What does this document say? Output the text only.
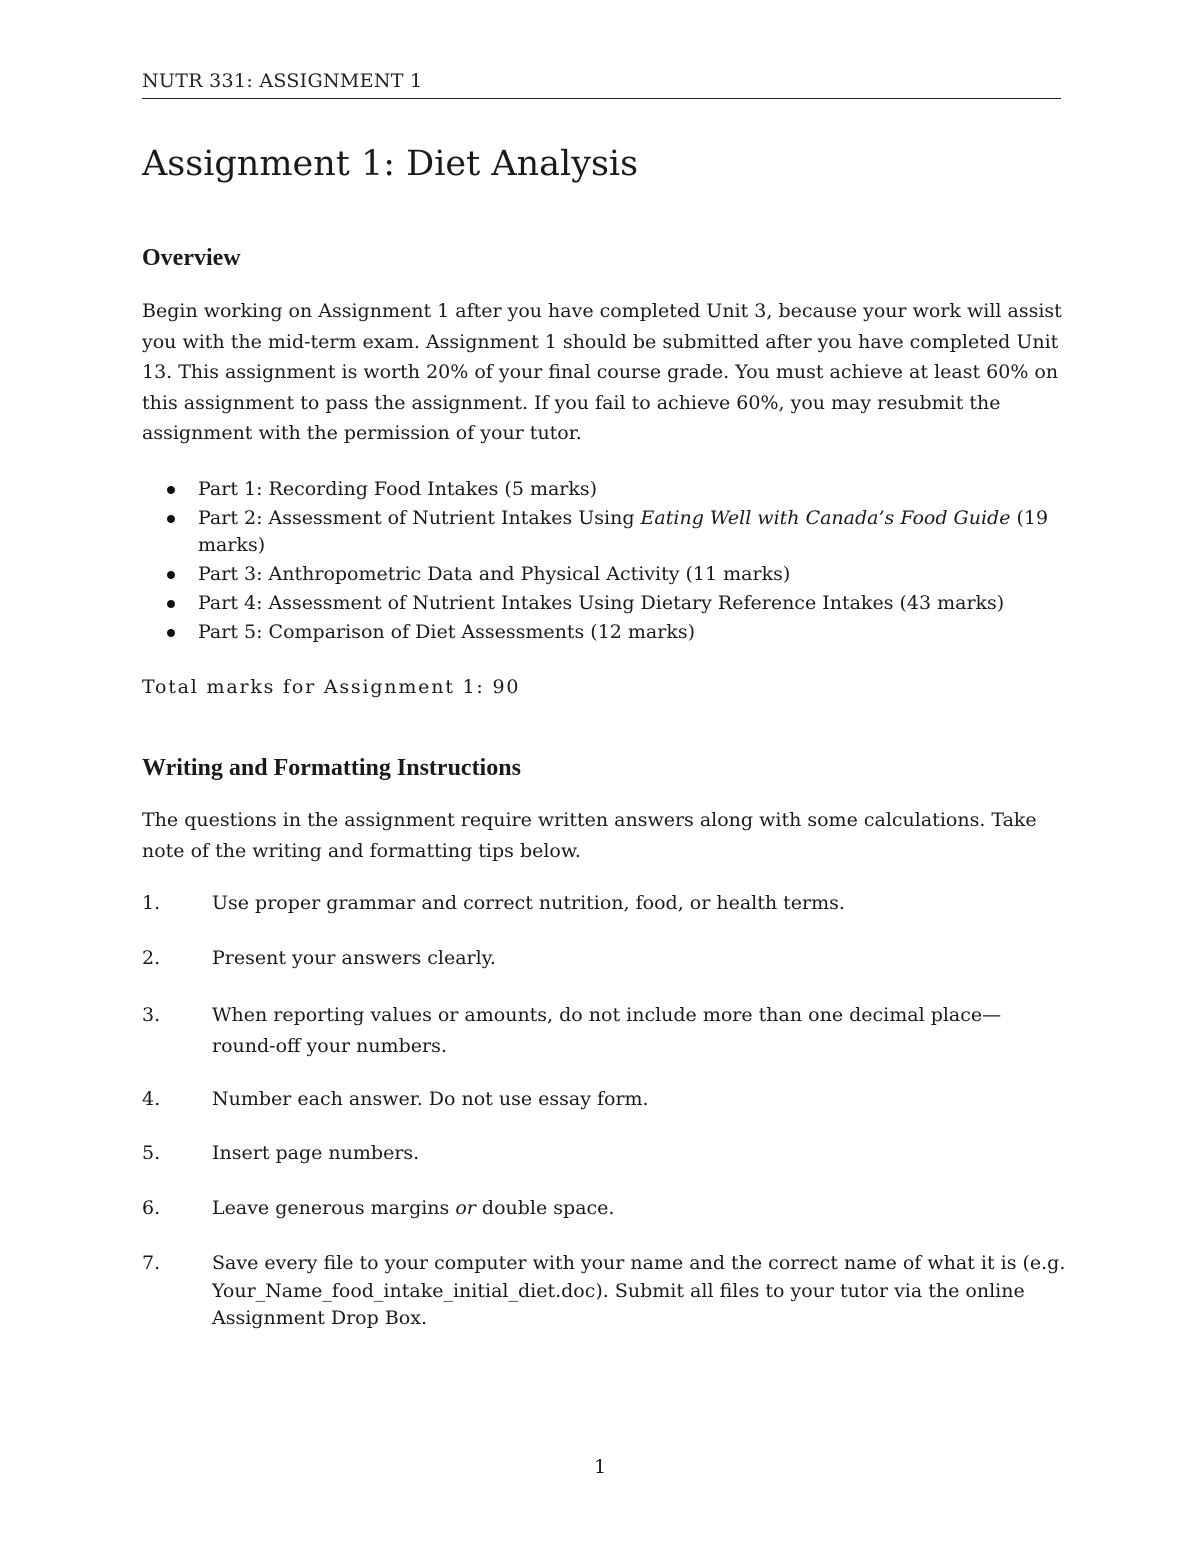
NUTR 331: ASSIGNMENT 1
Assignment 1: Diet Analysis
Overview

Begin working on Assignment 1 after you have completed Unit 3, because your work will assist you with the mid-term exam. Assignment 1 should be submitted after you have completed Unit 13. This assignment is worth 20% of your final course grade. You must achieve at least 60% on this assignment to pass the assignment. If you fail to achieve 60%, you may resubmit the assignment with the permission of your tutor.

Part 1: Recording Food Intakes (5 marks)
Part 2: Assessment of Nutrient Intakes Using Eating Well with Canada’s Food Guide (19 marks)
Part 3: Anthropometric Data and Physical Activity (11 marks)
Part 4: Assessment of Nutrient Intakes Using Dietary Reference Intakes (43 marks)
Part 5: Comparison of Diet Assessments (12 marks)

Total marks for Assignment 1: 90

Writing and Formatting Instructions

The questions in the assignment require written answers along with some calculations. Take note of the writing and formatting tips below.

1.	Use proper grammar and correct nutrition, food, or health terms.
2.	Present your answers clearly.
3.	When reporting values or amounts, do not include more than one decimal place— round-off your numbers.
4.	Number each answer. Do not use essay form.
5.	Insert page numbers.
6.	Leave generous margins or double space.
7.	Save every file to your computer with your name and the correct name of what it is (e.g. Your_Name_food_intake_initial_diet.doc). Submit all files to your tutor via the online Assignment Drop Box.
1
